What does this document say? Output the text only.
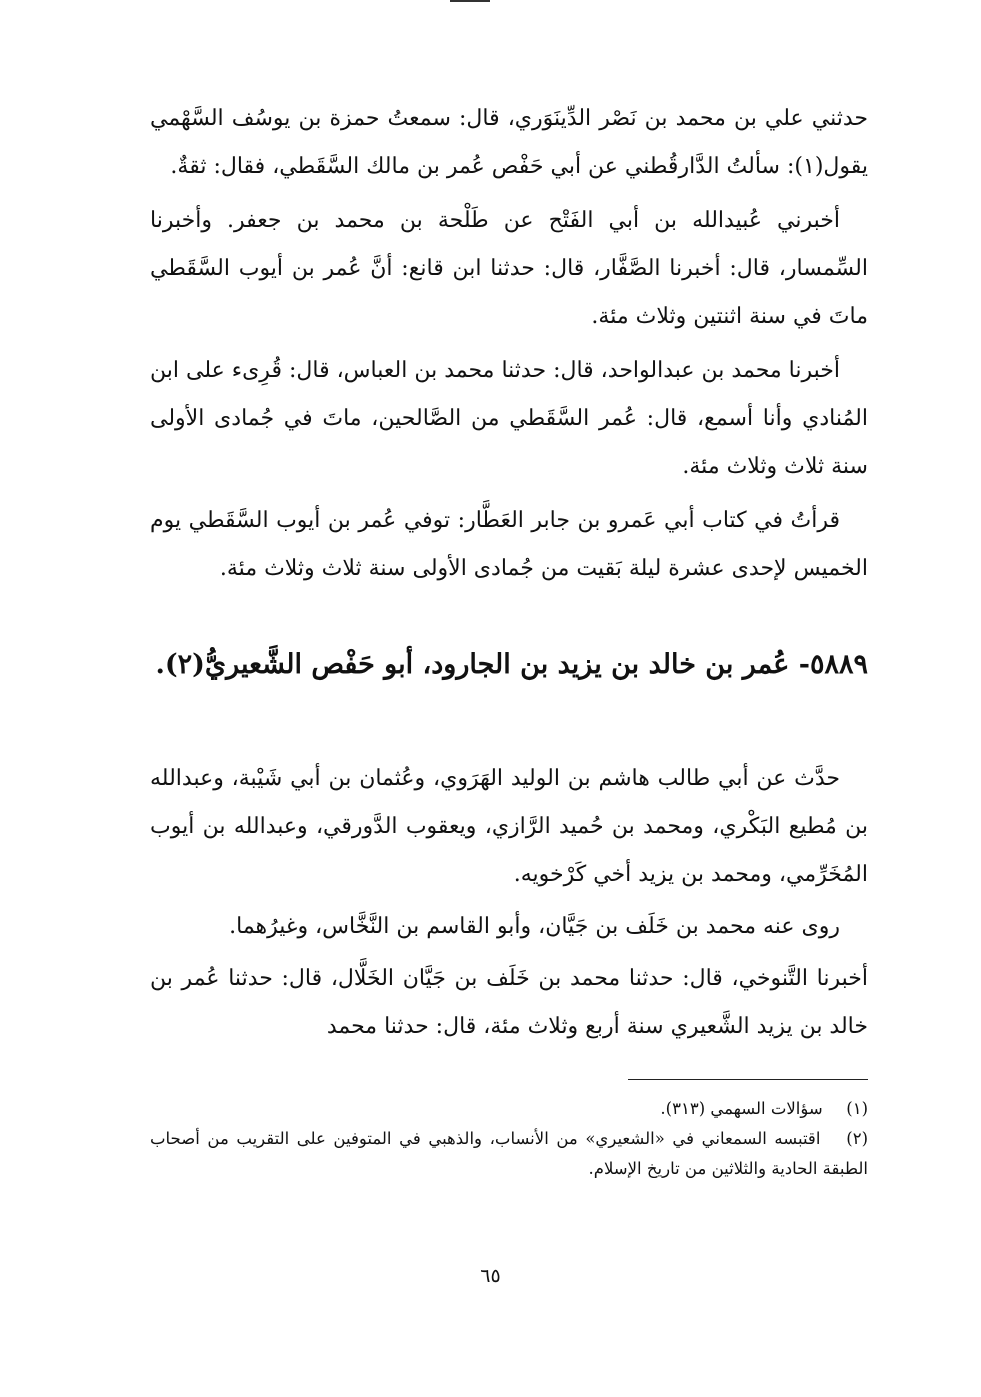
حدثني علي بن محمد بن نَصْر الدِّينَوَري، قال: سمعتُ حمزة بن يوسُف السَّهْمي يقول(١): سألتُ الدَّارقُطني عن أبي حَفْص عُمر بن مالك السَّقَطي، فقال: ثقةٌ.

أخبرني عُبيدالله بن أبي الفَتْح عن طَلْحة بن محمد بن جعفر. وأخبرنا السِّمسار، قال: أخبرنا الصَّفَّار، قال: حدثنا ابن قانع: أنَّ عُمر بن أيوب السَّقَطي ماتَ في سنة اثنتين وثلاث مئة.

أخبرنا محمد بن عبدالواحد، قال: حدثنا محمد بن العباس، قال: قُرِىء على ابن المُنادي وأنا أسمع، قال: عُمر السَّقَطي من الصَّالحين، ماتَ في جُمادى الأولى سنة ثلاث وثلاث مئة.

قرأتُ في كتاب أبي عَمرو بن جابر العَطَّار: توفي عُمر بن أيوب السَّقَطي يوم الخميس لإحدى عشرة ليلة بَقيت من جُمادى الأولى سنة ثلاث وثلاث مئة.

٥٨٨٩- عُمر بن خالد بن يزيد بن الجارود، أبو حَفْص الشَّعيريُّ(٢).

حدَّث عن أبي طالب هاشم بن الوليد الهَرَوي، وعُثمان بن أبي شَيْبة، وعبدالله بن مُطيع البَكْري، ومحمد بن حُميد الرَّازي، ويعقوب الدَّورقي، وعبدالله بن أيوب المُخَرِّمي، ومحمد بن يزيد أخي كَرْخويه.

روى عنه محمد بن خَلَف بن جَيَّان، وأبو القاسم بن النَّخَّاس، وغيرُهما.

أخبرنا التَّنوخي، قال: حدثنا محمد بن خَلَف بن جَيَّان الخَلَّال، قال: حدثنا عُمر بن خالد بن يزيد الشَّعيري سنة أربع وثلاث مئة، قال: حدثنا محمد

(١) سؤالات السهمي (٣١٣).

(٢) اقتبسه السمعاني في «الشعيري» من الأنساب، والذهبي في المتوفين على التقريب من أصحاب الطبقة الحادية والثلاثين من تاريخ الإسلام.

٦٥
